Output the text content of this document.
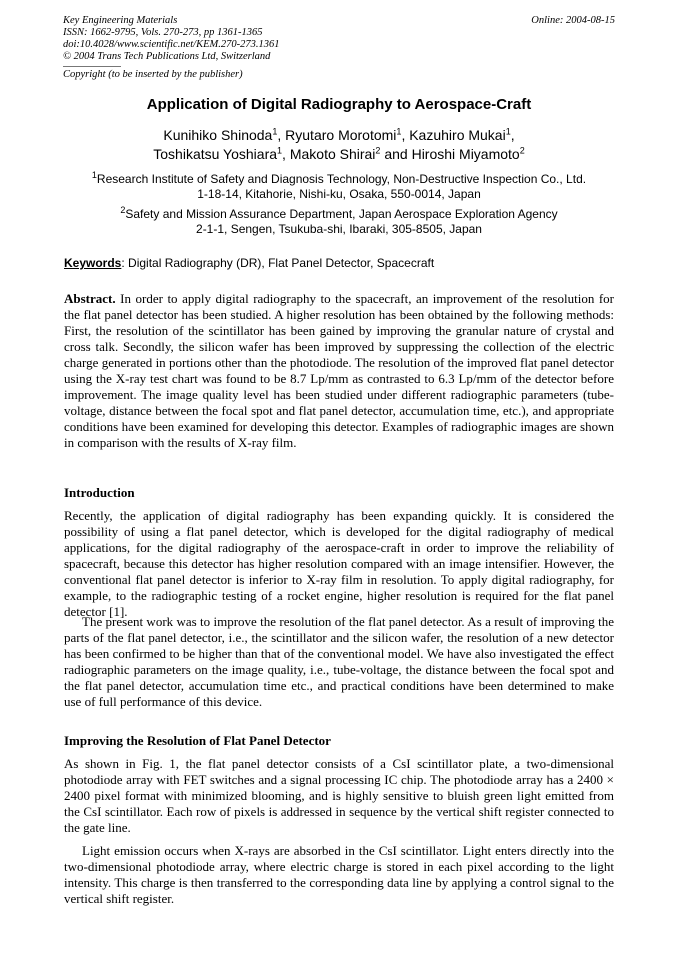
Online: 2004-08-15
Key Engineering Materials
ISSN: 1662-9795, Vols. 270-273, pp 1361-1365
doi:10.4028/www.scientific.net/KEM.270-273.1361
© 2004 Trans Tech Publications Ltd, Switzerland
Copyright (to be inserted by the publisher)
Application of Digital Radiography to Aerospace-Craft
Kunihiko Shinoda$^1$, Ryutaro Morotomi$^1$, Kazuhiro Mukai$^1$,
Toshikatsu Yoshiara$^1$, Makoto Shirai$^2$ and Hiroshi Miyamoto$^2$
$^1$Research Institute of Safety and Diagnosis Technology, Non-Destructive Inspection Co., Ltd.
1-18-14, Kitahorie, Nishi-ku, Osaka, 550-0014, Japan
$^2$Safety and Mission Assurance Department, Japan Aerospace Exploration Agency
2-1-1, Sengen, Tsukuba-shi, Ibaraki, 305-8505, Japan
Keywords: Digital Radiography (DR), Flat Panel Detector, Spacecraft

Abstract. In order to apply digital radiography to the spacecraft, an improvement of the resolution for the flat panel detector has been studied. A higher resolution has been obtained by the following methods: First, the resolution of the scintillator has been gained by improving the granular nature of crystal and cross talk. Secondly, the silicon wafer has been improved by suppressing the collection of the electric charge generated in portions other than the photodiode. The resolution of the improved flat panel detector using the X-ray test chart was found to be 8.7 Lp/mm as contrasted to 6.3 Lp/mm of the detector before improvement. The image quality level has been studied under different radiographic parameters (tube-voltage, distance between the focal spot and flat panel detector, accumulation time, etc.), and appropriate conditions have been examined for developing this detector. Examples of radiographic images are shown in comparison with the results of X-ray film.

Introduction

Recently, the application of digital radiography has been expanding quickly. It is considered the possibility of using a flat panel detector, which is developed for the digital radiography of medical applications, for the digital radiography of the aerospace-craft in order to improve the reliability of spacecraft, because this detector has higher resolution compared with an image intensifier. However, the conventional flat panel detector is inferior to X-ray film in resolution. To apply digital radiography, for example, to the radiographic testing of a rocket engine, higher resolution is required for the flat panel detector [1].

The present work was to improve the resolution of the flat panel detector. As a result of improving the parts of the flat panel detector, i.e., the scintillator and the silicon wafer, the resolution of a new detector has been confirmed to be higher than that of the conventional model. We have also investigated the effect radiographic parameters on the image quality, i.e., tube-voltage, the distance between the focal spot and the flat panel detector, accumulation time etc., and practical conditions have been determined to make use of full performance of this device.

Improving the Resolution of Flat Panel Detector

As shown in Fig. 1, the flat panel detector consists of a CsI scintillator plate, a two-dimensional photodiode array with FET switches and a signal processing IC chip. The photodiode array has a 2400 × 2400 pixel format with minimized blooming, and is highly sensitive to bluish green light emitted from the CsI scintillator. Each row of pixels is addressed in sequence by the vertical shift register connected to the gate line.

Light emission occurs when X-rays are absorbed in the CsI scintillator. Light enters directly into the two-dimensional photodiode array, where electric charge is stored in each pixel according to the light intensity. This charge is then transferred to the corresponding data line by applying a control signal to the vertical shift register.
